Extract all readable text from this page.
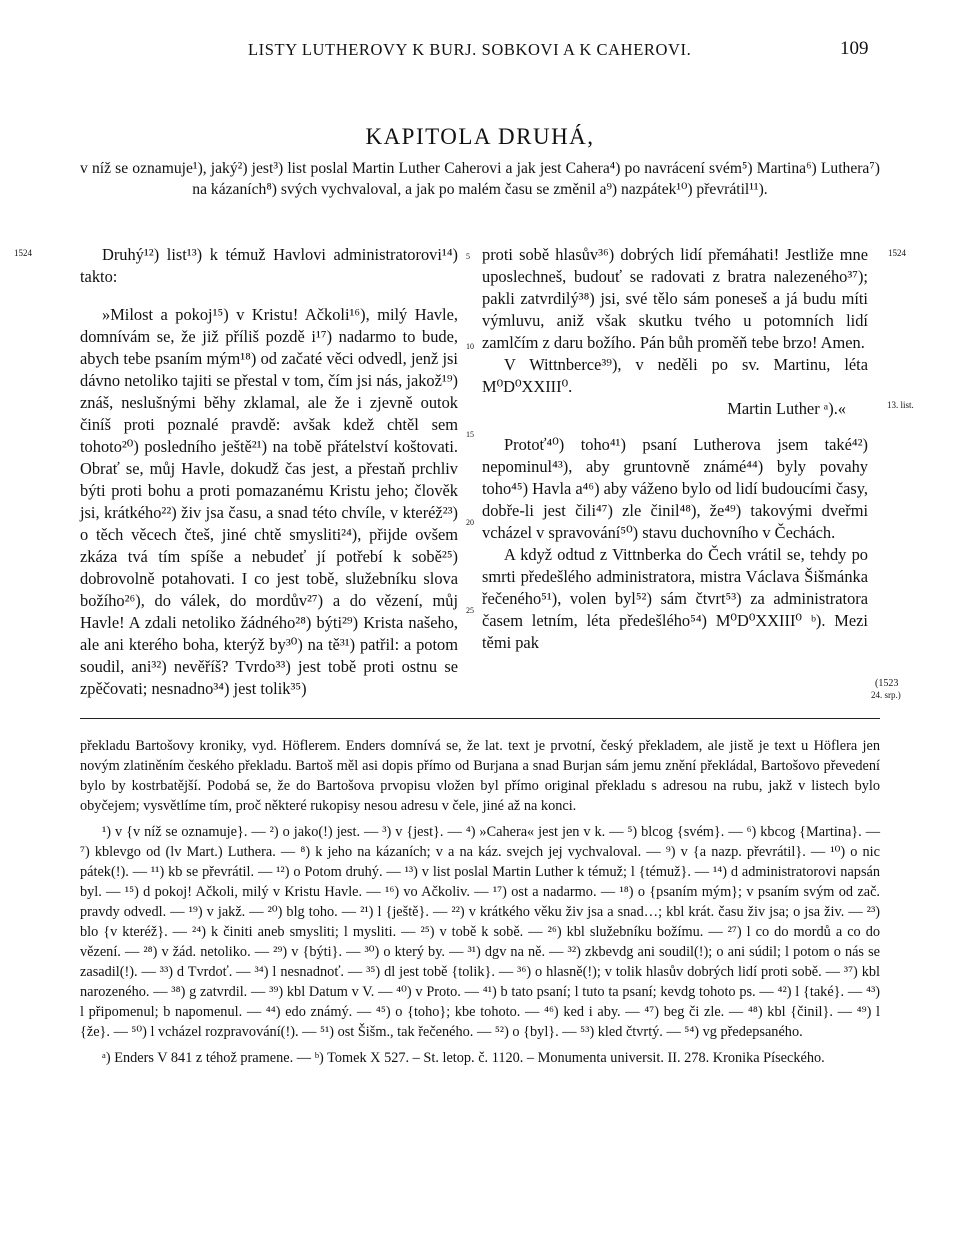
LISTY LUTHEROVY K BURJ. SOBKOVI A K CAHEROVI.	109
KAPITOLA DRUHÁ,
v níž se oznamuje¹), jaký²) jest³) list poslal Martin Luther Caherovi a jak jest Cahera⁴) po navrácení svém⁵) Martina⁶) Luthera⁷) na kázaních⁸) svých vychvaloval, a jak po malém času se změnil a⁹) nazpátek¹⁰) převrátil¹¹).
1524	1524
13. list.
(1523
24. srp.)
5
10
15
20
25

Druhý¹²) list¹³) k témuž Havlovi administratorovi¹⁴) takto:

»Milost a pokoj¹⁵) v Kristu! Ačkoli¹⁶), milý Havle, domnívám se, že již příliš pozdě i¹⁷) nadarmo to bude, abych tebe psaním mým¹⁸) od začaté věci odvedl, jenž jsi dávno netoliko tajiti se přestal v tom, čím jsi nás, jakož¹⁹) znáš, neslušnými běhy zklamal, ale že i zjevně outok činíš proti poznalé pravdě: avšak kdež chtěl sem tohoto²⁰) posledního ještě²¹) na tobě přátelství koštovati. Obrať se, můj Havle, dokudž čas jest, a přestaň prchliv býti proti bohu a proti pomazanému Kristu jeho; člověk jsi, krátkého²²) živ jsa času, a snad této chvíle, v kteréž²³) o těch věcech čteš, jiné chtě smysliti²⁴), přijde ovšem zkáza tvá tím spíše a nebudeť jí potřebí k sobě²⁵) dobrovolně potahovati. I co jest tobě, služebníku slova božího²⁶), do válek, do mordův²⁷) a do vězení, můj Havle! A zdali netoliko žádného²⁸) býti²⁹) Krista našeho, ale ani kterého boha, kterýž by³⁰) na tě³¹) patřil: a potom soudil, ani³²) nevěříš? Tvrdo³³) jest tobě proti ostnu se zpěčovati; nesnadno³⁴) jest tolik³⁵)

proti sobě hlasův³⁶) dobrých lidí přemáhati! Jestliže mne uposlechneš, budouť se radovati z bratra nalezeného³⁷); pakli zatvrdilý³⁸) jsi, své tělo sám poneseš a já budu míti výmluvu, aniž však skutku tvého u potomních lidí zamlčím z daru božího. Pán bůh proměň tebe brzo! Amen.

V Wittnberce³⁹), v neděli po sv. Martinu, léta M⁰D⁰XXIII⁰.

Martin Luther ᵃ).«

Protoť⁴⁰) toho⁴¹) psaní Lutherova jsem také⁴²) nepominul⁴³), aby gruntovně známé⁴⁴) byly povahy toho⁴⁵) Havla a⁴⁶) aby váženo bylo od lidí budoucími časy, dobře-li jest čili⁴⁷) zle činil⁴⁸), že⁴⁹) takovými dveřmi vcházel v spravování⁵⁰) stavu duchovního v Čechách.

A když odtud z Vittnberka do Čech vrátil se, tehdy po smrti předešlého administratora, mistra Václava Šišmánka řečeného⁵¹), volen byl⁵²) sám čtvrt⁵³) za administratora časem letním, léta předešlého⁵⁴) M⁰D⁰XXIII⁰ ᵇ). Mezi těmi pak

překladu Bartošovy kroniky, vyd. Höflerem. Enders domnívá se, že lat. text je prvotní, český překladem, ale jistě je text u Höflera jen novým zlatiněním českého překladu. Bartoš měl asi dopis přímo od Burjana a snad Burjan sám jemu znění překládal, Bartošovo převedení bylo by kostrbatější. Podobá se, že do Bartošova prvopisu vložen byl přímo original překladu s adresou na rubu, jakž v listech bylo obyčejem; vysvětlíme tím, proč některé rukopisy nesou adresu v čele, jiné až na konci.

¹) v {v níž se oznamuje}. — ²) o jako(!) jest. — ³) v {jest}. — ⁴) »Cahera« jest jen v k. — ⁵) blcog {svém}. — ⁶) kbcog {Martina}. — ⁷) kblevgo od (lv Mart.) Luthera. — ⁸) k jeho na kázaních; v a na káz. svejch jej vychvaloval. — ⁹) v {a nazp. převrátil}. — ¹⁰) o nic pátek(!). — ¹¹) kb se převrátil. — ¹²) o Potom druhý. — ¹³) v list poslal Martin Luther k témuž; l {témuž}. — ¹⁴) d administratorovi napsán byl. — ¹⁵) d pokoj! Ačkoli, milý v Kristu Havle. — ¹⁶) vo Ačkoliv. — ¹⁷) ost a nadarmo. — ¹⁸) o {psaním mým}; v psaním svým od zač. pravdy odvedl. — ¹⁹) v jakž. — ²⁰) blg toho. — ²¹) l {ještě}. — ²²) v krátkého věku živ jsa a snad…; kbl krát. času živ jsa; o jsa živ. — ²³) blo {v kteréž}. — ²⁴) k činiti aneb smysliti; l mysliti. — ²⁵) v tobě k sobě. — ²⁶) kbl služebníku božímu. — ²⁷) l co do mordů a co do vězení. — ²⁸) v žád. netoliko. — ²⁹) v {býti}. — ³⁰) o který by. — ³¹) dgv na ně. — ³²) zkbevdg ani soudil(!); o ani súdil; l potom o nás se zasadil(!). — ³³) d Tvrdoť. — ³⁴) l nesnadnoť. — ³⁵) dl jest tobě {tolik}. — ³⁶) o hlasně(!); v tolik hlasův dobrých lidí proti sobě. — ³⁷) kbl narozeného. — ³⁸) g zatvrdil. — ³⁹) kbl Datum v V. — ⁴⁰) v Proto. — ⁴¹) b tato psaní; l tuto ta psaní; kevdg tohoto ps. — ⁴²) l {také}. — ⁴³) l připomenul; b napomenul. — ⁴⁴) edo známý. — ⁴⁵) o {toho}; kbe tohoto. — ⁴⁶) ked i aby. — ⁴⁷) beg či zle. — ⁴⁸) kbl {činil}. — ⁴⁹) l {že}. — ⁵⁰) l vcházel rozpravování(!). — ⁵¹) ost Šišm., tak řečeného. — ⁵²) o {byl}. — ⁵³) kled čtvrtý. — ⁵⁴) vg předepsaného.

ᵃ) Enders V 841 z téhož pramene. — ᵇ) Tomek X 527. – St. letop. č. 1120. – Monumenta universit. II. 278. Kronika Píseckého.
